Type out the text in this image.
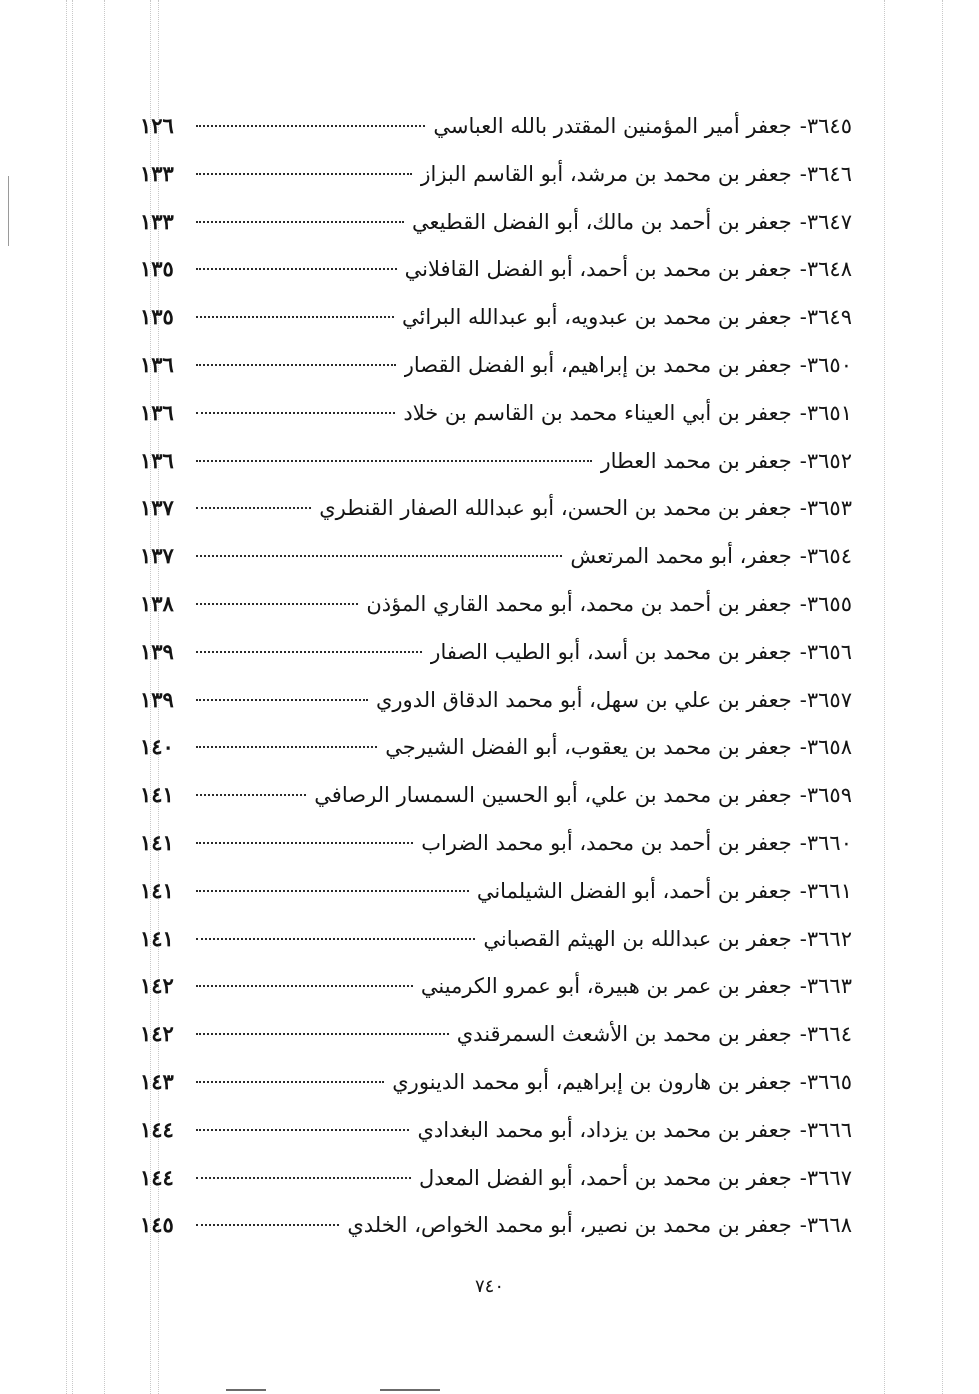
٣٦٤٥-
جعفر أمير المؤمنين المقتدر بالله العباسي
١٢٦
٣٦٤٦-
جعفر بن محمد بن مرشد، أبو القاسم البزاز
١٣٣
٣٦٤٧-
جعفر بن أحمد بن مالك، أبو الفضل القطيعي
١٣٣
٣٦٤٨-
جعفر بن محمد بن أحمد، أبو الفضل القافلاني
١٣٥
٣٦٤٩-
جعفر بن محمد بن عبدويه، أبو عبدالله البرائي
١٣٥
٣٦٥٠-
جعفر بن محمد بن إبراهيم، أبو الفضل القصار
١٣٦
٣٦٥١-
جعفر بن أبي العيناء محمد بن القاسم بن خلاد
١٣٦
٣٦٥٢-
جعفر بن محمد العطار
١٣٦
٣٦٥٣-
جعفر بن محمد بن الحسن، أبو عبدالله الصفار القنطري
١٣٧
٣٦٥٤-
جعفر، أبو محمد المرتعش
١٣٧
٣٦٥٥-
جعفر بن أحمد بن محمد، أبو محمد القاري المؤذن
١٣٨
٣٦٥٦-
جعفر بن محمد بن أسد، أبو الطيب الصفار
١٣٩
٣٦٥٧-
جعفر بن علي بن سهل، أبو محمد الدقاق الدوري
١٣٩
٣٦٥٨-
جعفر بن محمد بن يعقوب، أبو الفضل الشيرجي
١٤٠
٣٦٥٩-
جعفر بن محمد بن علي، أبو الحسين السمسار الرصافي
١٤١
٣٦٦٠-
جعفر بن أحمد بن محمد، أبو محمد الضراب
١٤١
٣٦٦١-
جعفر بن أحمد، أبو الفضل الشيلماني
١٤١
٣٦٦٢-
جعفر بن عبدالله بن الهيثم القصباني
١٤١
٣٦٦٣-
جعفر بن عمر بن هبيرة، أبو عمرو الكرميني
١٤٢
٣٦٦٤-
جعفر بن محمد بن الأشعث السمرقندي
١٤٢
٣٦٦٥-
جعفر بن هارون بن إبراهيم، أبو محمد الدينوري
١٤٣
٣٦٦٦-
جعفر بن محمد بن يزداد، أبو محمد البغدادي
١٤٤
٣٦٦٧-
جعفر بن محمد بن أحمد، أبو الفضل المعدل
١٤٤
٣٦٦٨-
جعفر بن محمد بن نصير، أبو محمد الخواص، الخلدي
١٤٥
٧٤٠
